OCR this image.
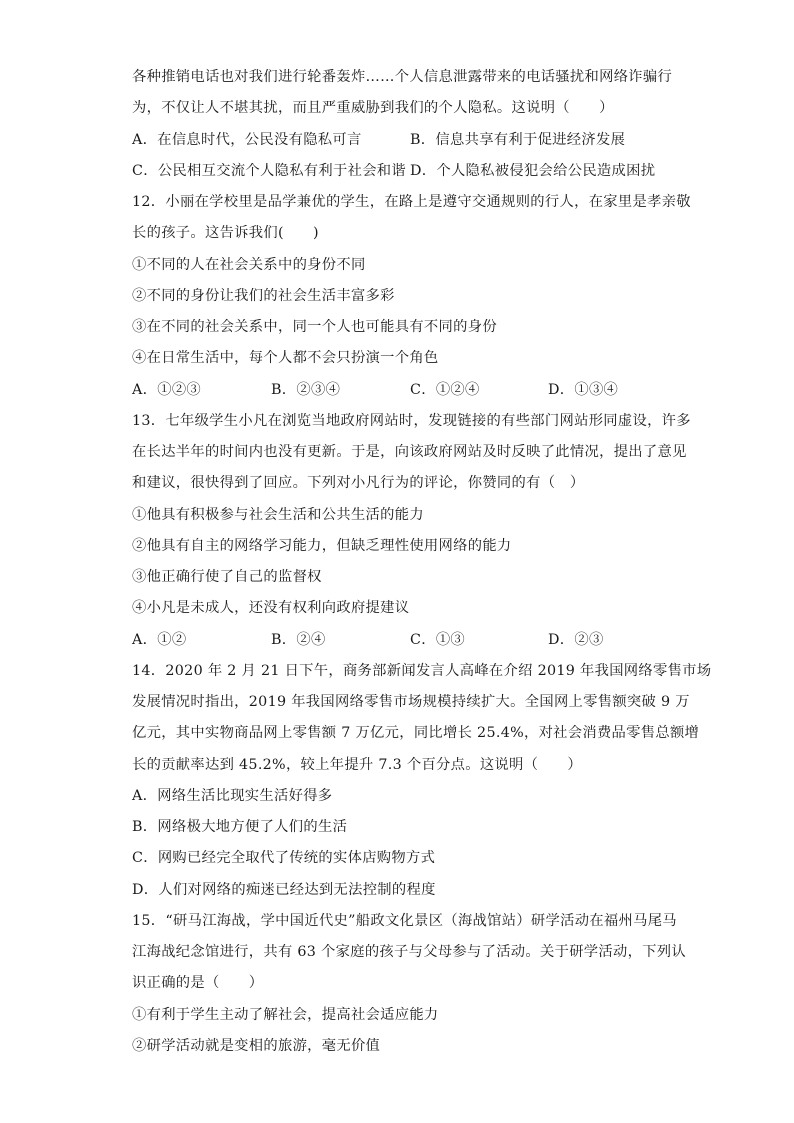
各种推销电话也对我们进行轮番轰炸……个人信息泄露带来的电话骚扰和网络诈骗行
为，不仅让人不堪其扰，而且严重威胁到我们的个人隐私。这说明（　　）
A．在信息时代，公民没有隐私可言	B．信息共享有利于促进经济发展
C．公民相互交流个人隐私有利于社会和谐 D．个人隐私被侵犯会给公民造成困扰
12．小丽在学校里是品学兼优的学生，在路上是遵守交通规则的行人，在家里是孝亲敬
长的孩子。这告诉我们(　　)
①不同的人在社会关系中的身份不同
②不同的身份让我们的社会生活丰富多彩
③在不同的社会关系中，同一个人也可能具有不同的身份
④在日常生活中，每个人都不会只扮演一个角色
A．①②③	B．②③④	C．①②④	D．①③④
13．七年级学生小凡在浏览当地政府网站时，发现链接的有些部门网站形同虚设，许多
在长达半年的时间内也没有更新。于是，向该政府网站及时反映了此情况，提出了意见
和建议，很快得到了回应。下列对小凡行为的评论，你赞同的有（　）
①他具有积极参与社会生活和公共生活的能力
②他具有自主的网络学习能力，但缺乏理性使用网络的能力
③他正确行使了自己的监督权
④小凡是未成人，还没有权利向政府提建议
A．①②	B．②④	C．①③	D．②③
14．2020 年 2 月 21 日下午，商务部新闻发言人高峰在介绍 2019 年我国网络零售市场
发展情况时指出，2019 年我国网络零售市场规模持续扩大。全国网上零售额突破 9 万
亿元，其中实物商品网上零售额 7 万亿元，同比增长 25.4%，对社会消费品零售总额增
长的贡献率达到 45.2%，较上年提升 7.3 个百分点。这说明（　　）
A．网络生活比现实生活好得多
B．网络极大地方便了人们的生活
C．网购已经完全取代了传统的实体店购物方式
D．人们对网络的痴迷已经达到无法控制的程度
15．“研马江海战，学中国近代史”船政文化景区（海战馆站）研学活动在福州马尾马
江海战纪念馆进行，共有 63 个家庭的孩子与父母参与了活动。关于研学活动，下列认
识正确的是（　　）
①有利于学生主动了解社会，提高社会适应能力
②研学活动就是变相的旅游，毫无价值
